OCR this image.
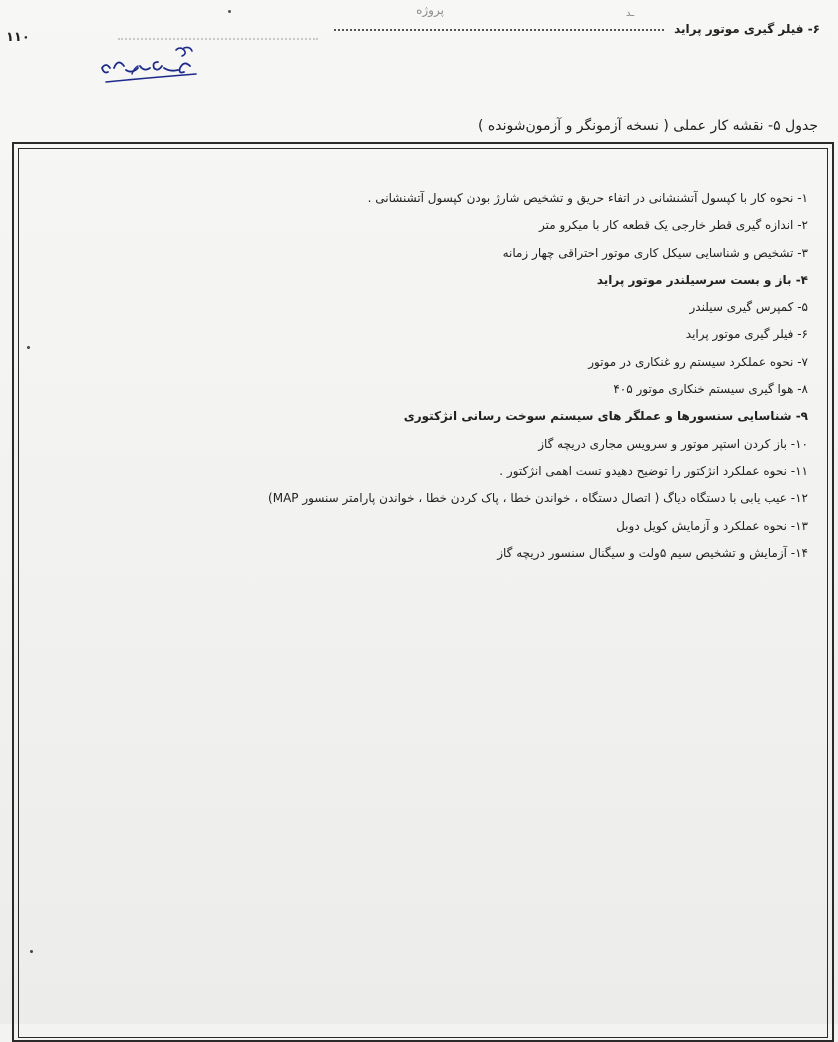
پروژه	ـد
۶- فیلر گیری موتور پراید
۱۱۰
جدول ۵- نقشه کار عملی ( نسخه آزمونگر و آزمون‌شونده )
۱- نحوه کار با کپسول آتشنشانی در اتفاء حریق و تشخیص شارژ بودن کپسول آتشنشانی .
۲- اندازه گیری قطر خارجی یک قطعه کار با میکرو متر
۳- تشخیص و شناسایی سیکل کاری موتور احتراقی چهار زمانه
۴- باز و بست سرسیلندر موتور پراید
۵- کمپرس گیری سیلندر
۶- فیلر گیری موتور پراید
۷- نحوه عملکرد سیستم رو غنکاری در موتور
۸- هوا گیری سیستم خنکاری موتور ۴۰۵
۹- شناسایی سنسورها و عملگر های سیستم سوخت رسانی انژکتوری
۱۰- باز کردن استپر موتور و سرویس مجاری دریچه گاز
۱۱- نحوه عملکرد انژکتور را توضیح دهیدو تست اهمی انژکتور .
۱۲- عیب یابی با دستگاه دیاگ ( اتصال دستگاه ، خواندن خطا ، پاک کردن خطا ، خواندن پارامتر سنسور MAP)
۱۳- نحوه عملکرد و آزمایش کویل دوبل
۱۴- آزمایش و تشخیص سیم ۵ولت و سیگنال سنسور دریچه گاز
